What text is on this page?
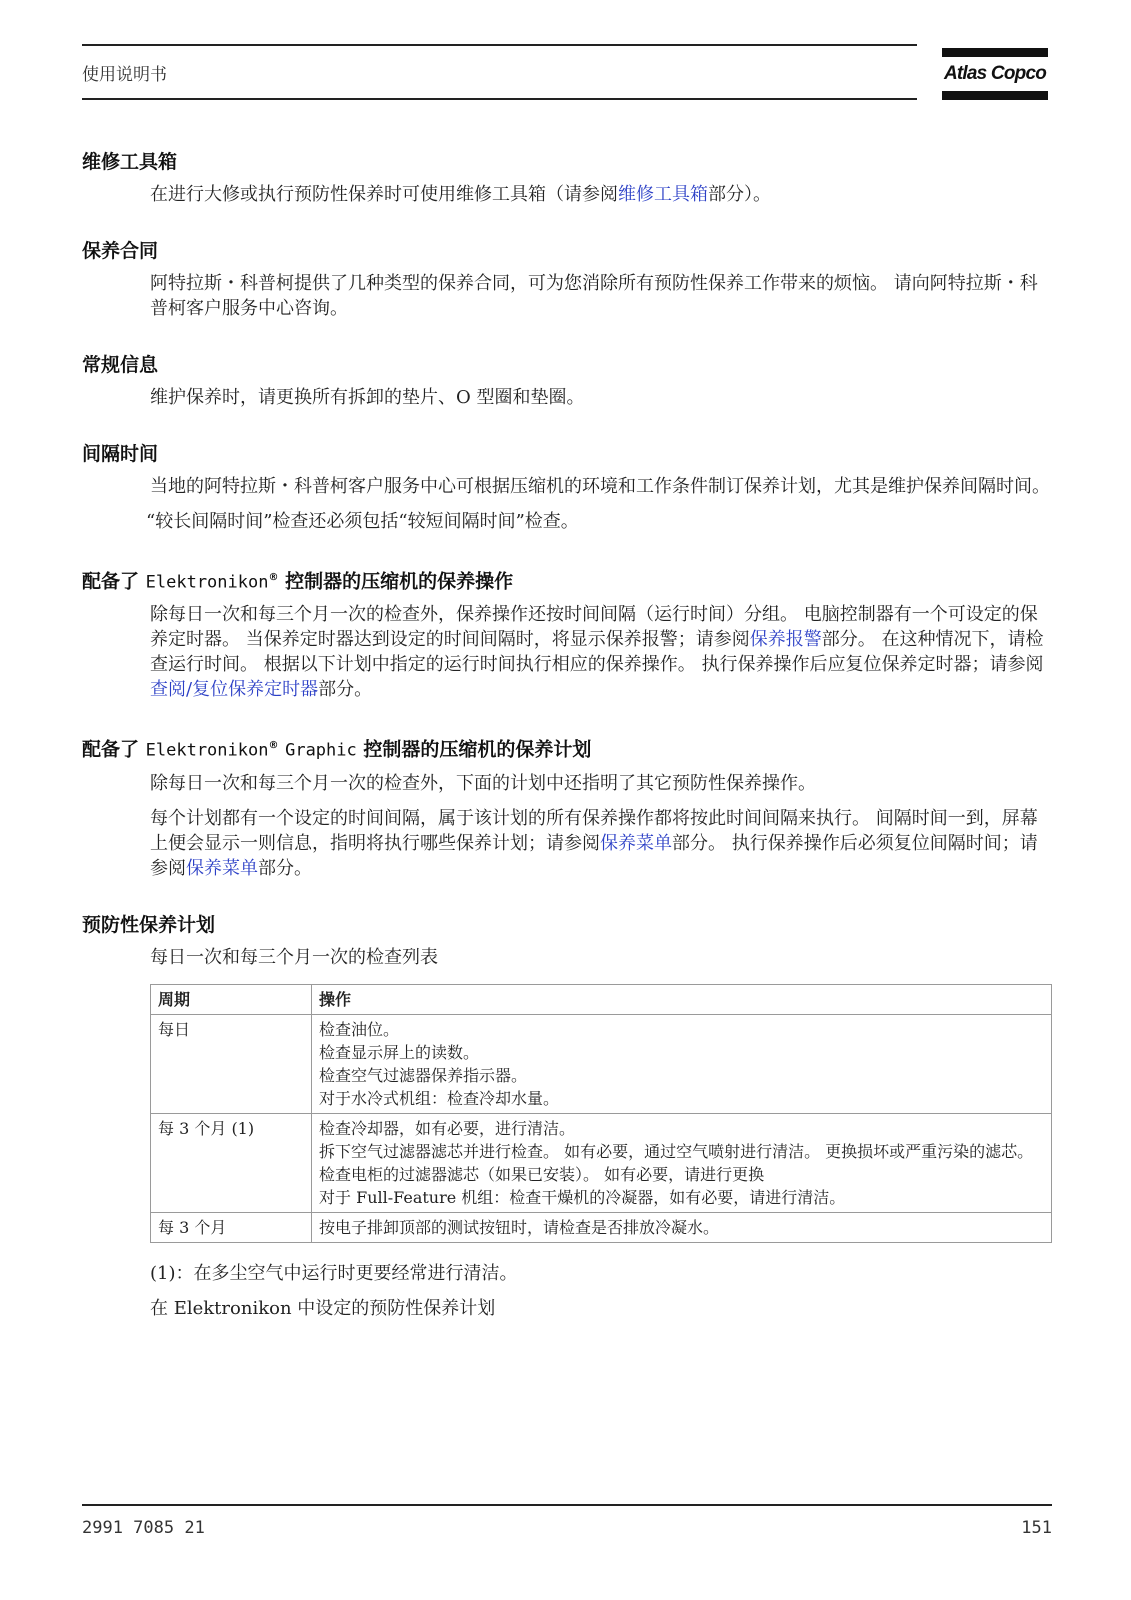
使用说明书	Atlas Copco
维修工具箱

在进行大修或执行预防性保养时可使用维修工具箱（请参阅维修工具箱部分）。

保养合同

阿特拉斯・科普柯提供了几种类型的保养合同，可为您消除所有预防性保养工作带来的烦恼。 请向阿特拉斯・科普柯客户服务中心咨询。

常规信息

维护保养时，请更换所有拆卸的垫片、O 型圈和垫圈。

间隔时间

当地的阿特拉斯・科普柯客户服务中心可根据压缩机的环境和工作条件制订保养计划，尤其是维护保养间隔时间。

“较长间隔时间”检查还必须包括“较短间隔时间”检查。

配备了 Elektronikon® 控制器的压缩机的保养操作

除每日一次和每三个月一次的检查外，保养操作还按时间间隔（运行时间）分组。 电脑控制器有一个可设定的保养定时器。 当保养定时器达到设定的时间间隔时，将显示保养报警；请参阅保养报警部分。 在这种情况下，请检查运行时间。 根据以下计划中指定的运行时间执行相应的保养操作。 执行保养操作后应复位保养定时器；请参阅查阅/复位保养定时器部分。

配备了 Elektronikon® Graphic 控制器的压缩机的保养计划

除每日一次和每三个月一次的检查外，下面的计划中还指明了其它预防性保养操作。

每个计划都有一个设定的时间间隔，属于该计划的所有保养操作都将按此时间间隔来执行。 间隔时间一到，屏幕上便会显示一则信息，指明将执行哪些保养计划；请参阅保养菜单部分。 执行保养操作后必须复位间隔时间；请参阅保养菜单部分。

预防性保养计划

每日一次和每三个月一次的检查列表

周期	操作
每日	检查油位。
检查显示屏上的读数。
检查空气过滤器保养指示器。
对于水冷式机组：检查冷却水量。

每 3 个月 (1)	检查冷却器，如有必要，进行清洁。
拆下空气过滤器滤芯并进行检查。 如有必要，通过空气喷射进行清洁。 更换损坏或严重污染的滤芯。
检查电柜的过滤器滤芯（如果已安装）。 如有必要，请进行更换
对于 Full-Feature 机组：检查干燥机的冷凝器，如有必要，请进行清洁。

每 3 个月	按电子排卸顶部的测试按钮时，请检查是否排放冷凝水。

(1)：在多尘空气中运行时更要经常进行清洁。

在 Elektronikon 中设定的预防性保养计划

2991 7085 21	151
